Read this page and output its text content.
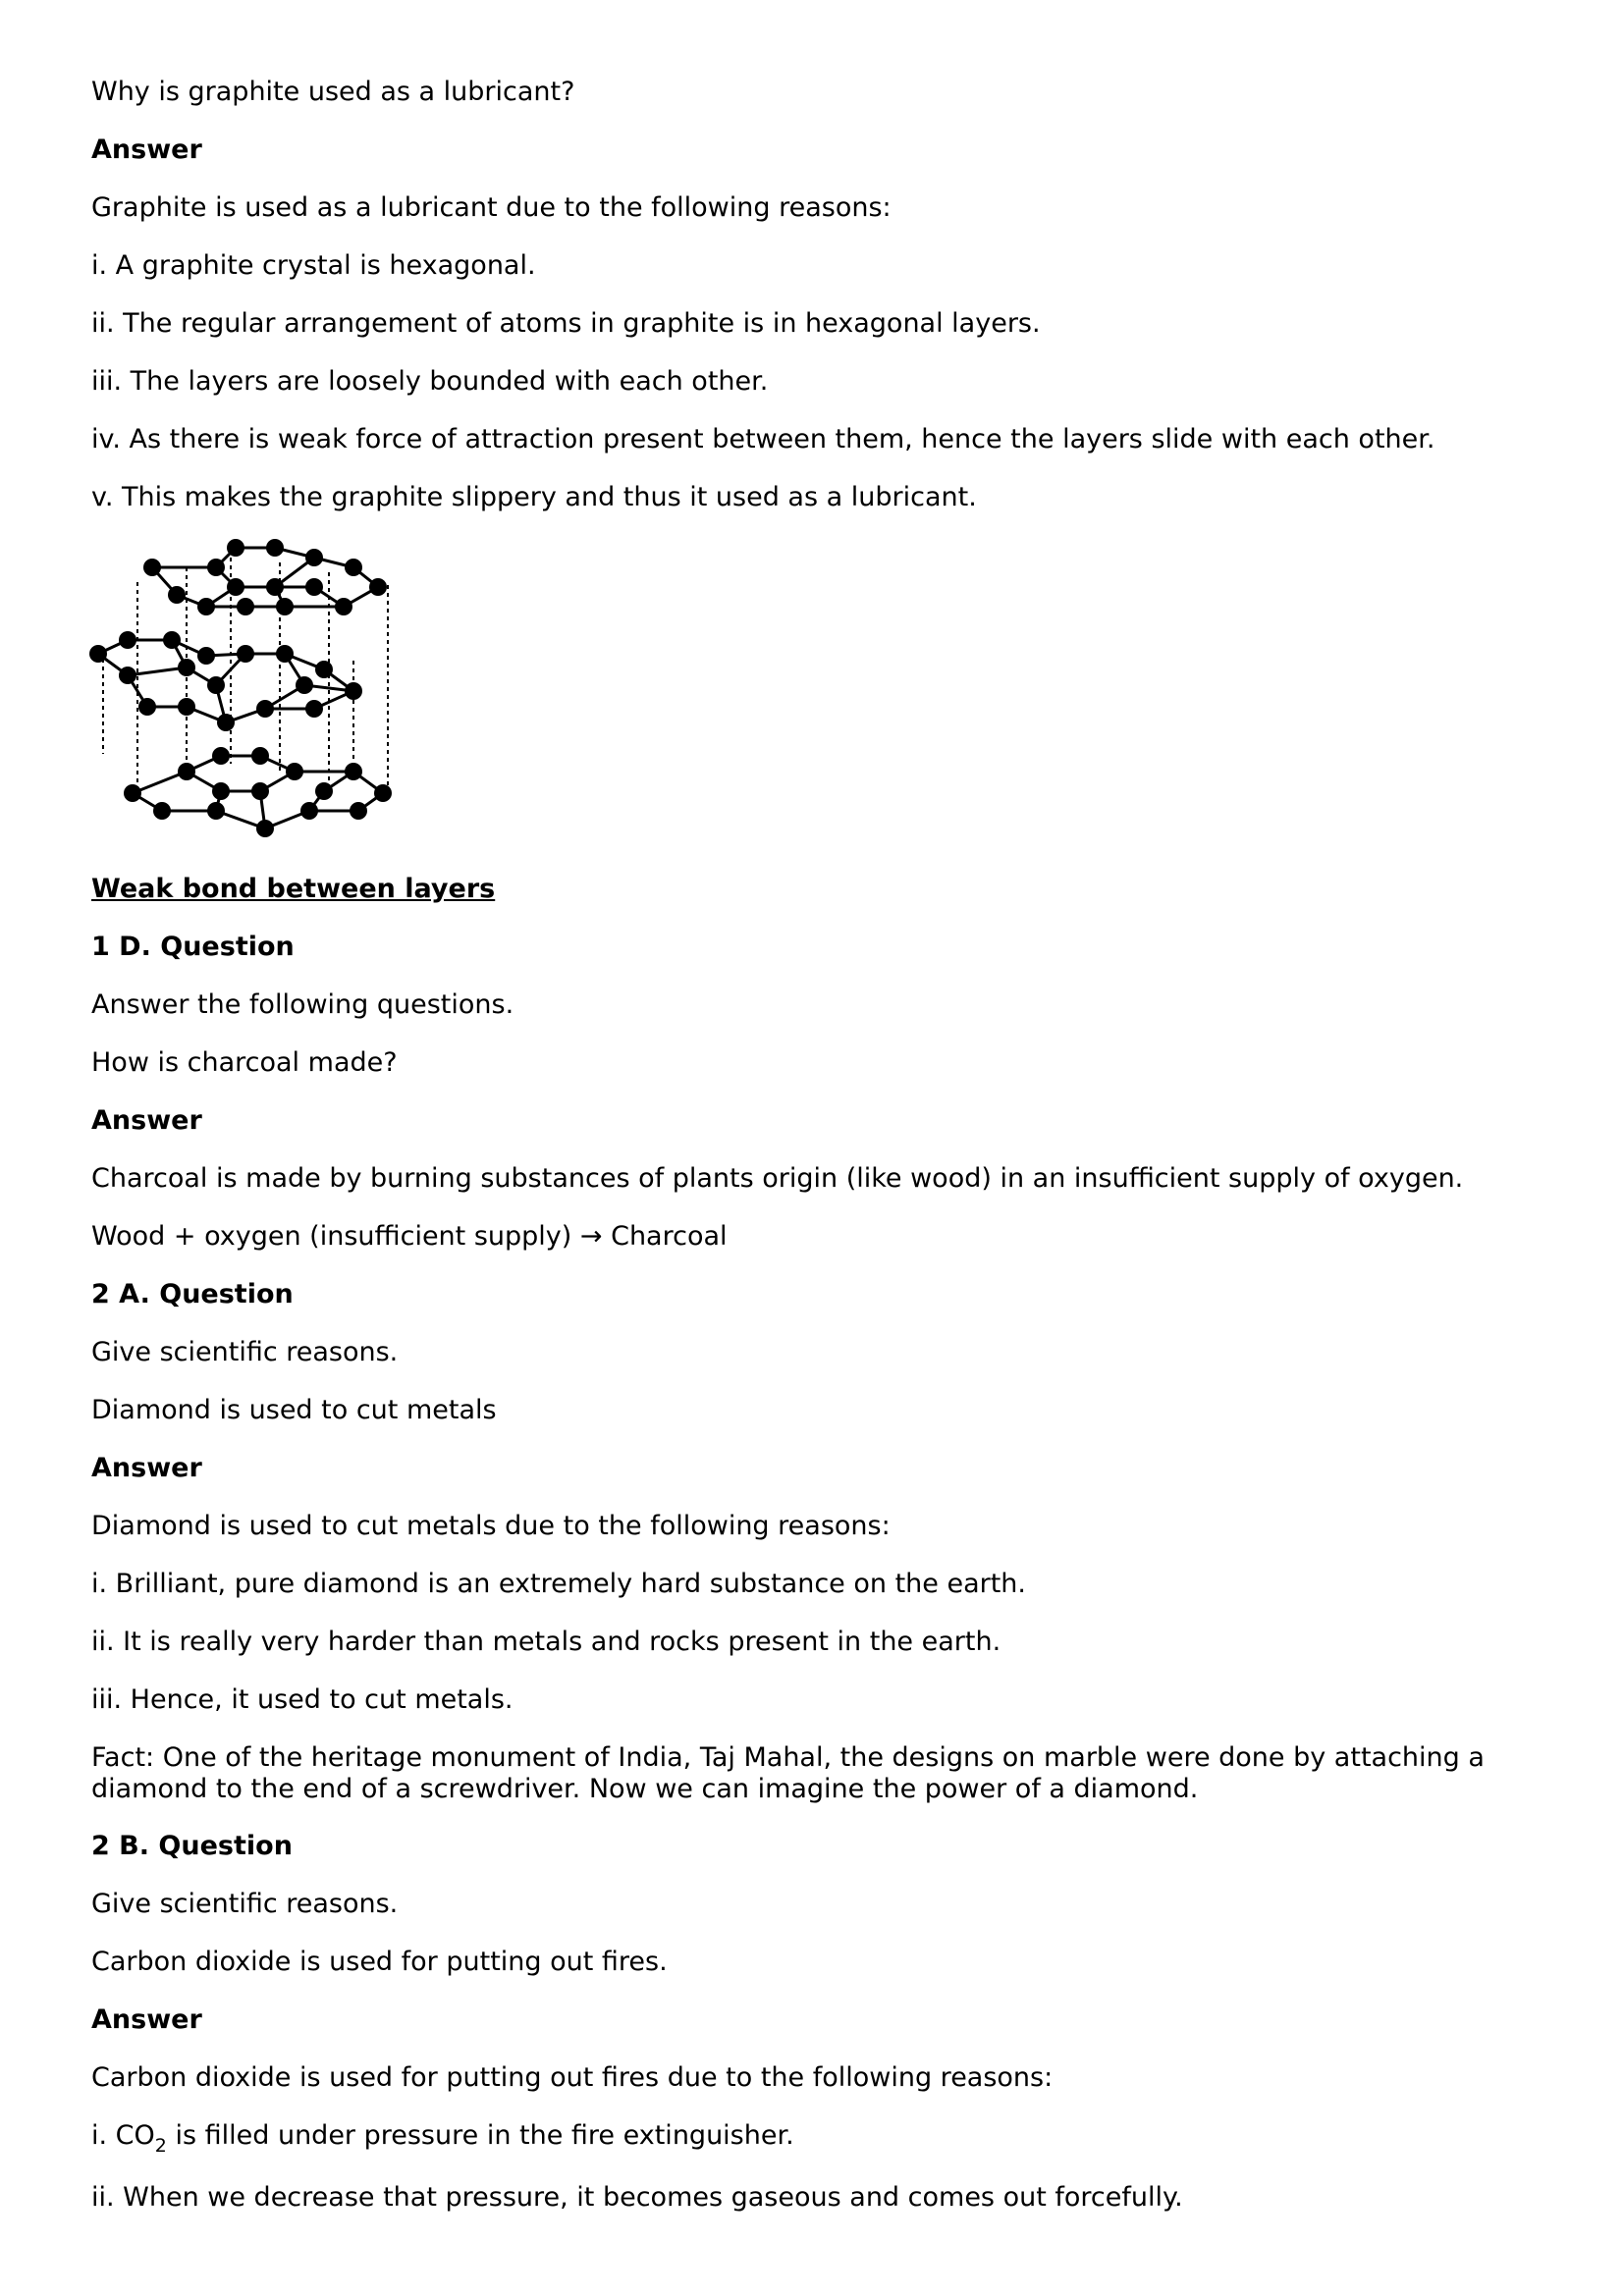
Why is graphite used as a lubricant?
Answer
Graphite is used as a lubricant due to the following reasons:
i. A graphite crystal is hexagonal.
ii. The regular arrangement of atoms in graphite is in hexagonal layers.
iii. The layers are loosely bounded with each other.
iv. As there is weak force of attraction present between them, hence the layers slide with each other.
v. This makes the graphite slippery and thus it used as a lubricant.
Weak bond between layers
1 D. Question
Answer the following questions.
How is charcoal made?
Answer
Charcoal is made by burning substances of plants origin (like wood) in an insufficient supply of oxygen.
Wood + oxygen (insufficient supply) → Charcoal
2 A. Question
Give scientific reasons.
Diamond is used to cut metals
Answer
Diamond is used to cut metals due to the following reasons:
i. Brilliant, pure diamond is an extremely hard substance on the earth.
ii. It is really very harder than metals and rocks present in the earth.
iii. Hence, it used to cut metals.
Fact: One of the heritage monument of India, Taj Mahal, the designs on marble were done by attaching a diamond to the end of a screwdriver. Now we can imagine the power of a diamond.
2 B. Question
Give scientific reasons.
Carbon dioxide is used for putting out fires.
Answer
Carbon dioxide is used for putting out fires due to the following reasons:
i. $CO_2$ is filled under pressure in the fire extinguisher.
ii. When we decrease that pressure, it becomes gaseous and comes out forcefully.
